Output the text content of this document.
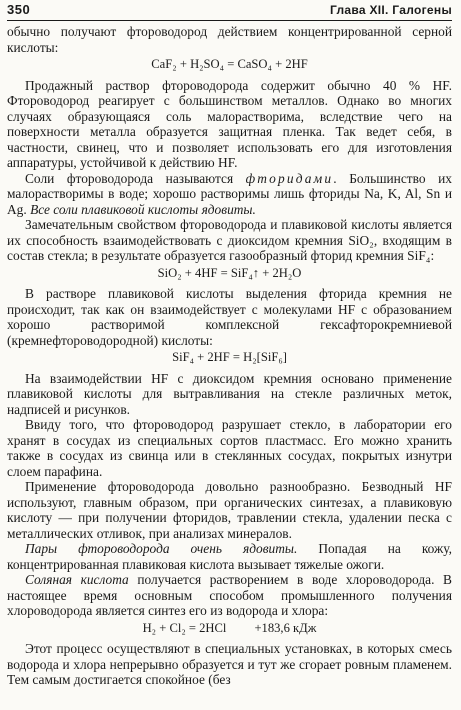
350	Глава XII. Галогены

обычно получают фтороводород действием концентрированной серной кислоты:

CaF₂ + H₂SO₄ = CaSO₄ + 2HF

Продажный раствор фтороводорода содержит обычно 40 % HF. Фтороводород реагирует с большинством металлов. Однако во многих случаях образующаяся соль малорастворима, вследствие чего на поверхности металла образуется защитная пленка. Так ведет себя, в частности, свинец, что и позволяет использовать его для изготовления аппаратуры, устойчивой к действию HF.

Соли фтороводорода называются фторидами. Большинство их малорастворимы в воде; хорошо растворимы лишь фториды Na, K, Al, Sn и Ag. Все соли плавиковой кислоты ядовиты.

Замечательным свойством фтороводорода и плавиковой кислоты является их способность взаимодействовать с диоксидом кремния SiO₂, входящим в состав стекла; в результате образуется газообразный фторид кремния SiF₄:

SiO₂ + 4HF = SiF₄↑ + 2H₂O

В растворе плавиковой кислоты выделения фторида кремния не происходит, так как он взаимодействует с молекулами HF с образованием хорошо растворимой комплексной гексафторокремниевой (кремнефтороводородной) кислоты:

SiF₄ + 2HF = H₂[SiF₆]

На взаимодействии HF с диоксидом кремния основано применение плавиковой кислоты для вытравливания на стекле различных меток, надписей и рисунков.

Ввиду того, что фтороводород разрушает стекло, в лаборатории его хранят в сосудах из специальных сортов пластмасс. Его можно хранить также в сосудах из свинца или в стеклянных сосудах, покрытых изнутри слоем парафина.

Применение фтороводорода довольно разнообразно. Безводный HF используют, главным образом, при органических синтезах, а плавиковую кислоту — при получении фторидов, травлении стекла, удалении песка с металлических отливок, при анализах минералов.

Пары фтороводорода очень ядовиты. Попадая на кожу, концентрированная плавиковая кислота вызывает тяжелые ожоги.

Соляная кислота получается растворением в воде хлороводорода. В настоящее время основным способом промышленного получения хлороводорода является синтез его из водорода и хлора:

H₂ + Cl₂ = 2HCl +183,6 кДж

Этот процесс осуществляют в специальных установках, в которых смесь водорода и хлора непрерывно образуется и тут же сгорает ровным пламенем. Тем самым достигается спокойное (без
